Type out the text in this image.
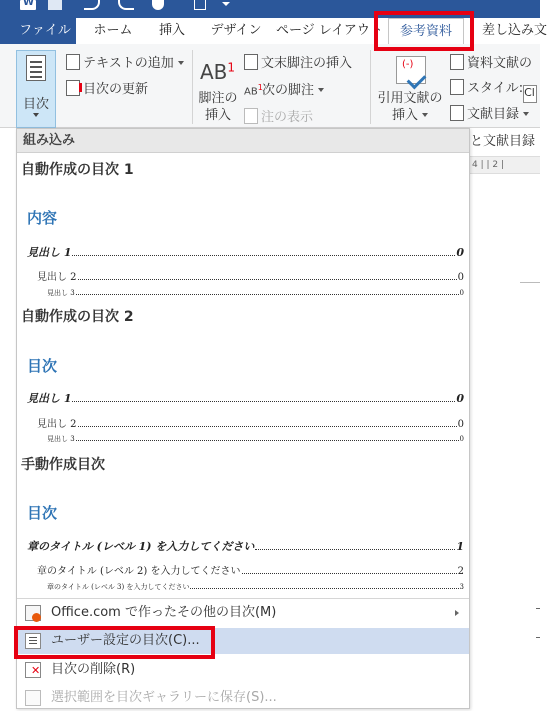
W
ファイル	ホーム	挿入	デザイン	ページ レイアウト	参考資料	差し込み文
目次
テキストの追加
目次の更新
$AB^1$
脚注の
挿入
文末脚注の挿入
$AB^1$次の脚注
注の表示
(-)
引用文献の
挿入
資料文献の
スタイル:Cl
文献目録
と文献目録
4 | | 2 |
組み込み
自動作成の目次 1
内容
見出し 1	0
見出し 2	0
見出し 3	0
自動作成の目次 2
目次
見出し 1	0
見出し 2	0
見出し 3	0
手動作成目次
目次
章のタイトル (レベル 1) を入力してください	1
章のタイトル (レベル 2) を入力してください	2
章のタイトル (レベル 3) を入力してください	3
Office.com で作ったその他の目次(M)
ユーザー設定の目次(C)...
✕
目次の削除(R)
選択範囲を目次ギャラリーに保存(S)...
